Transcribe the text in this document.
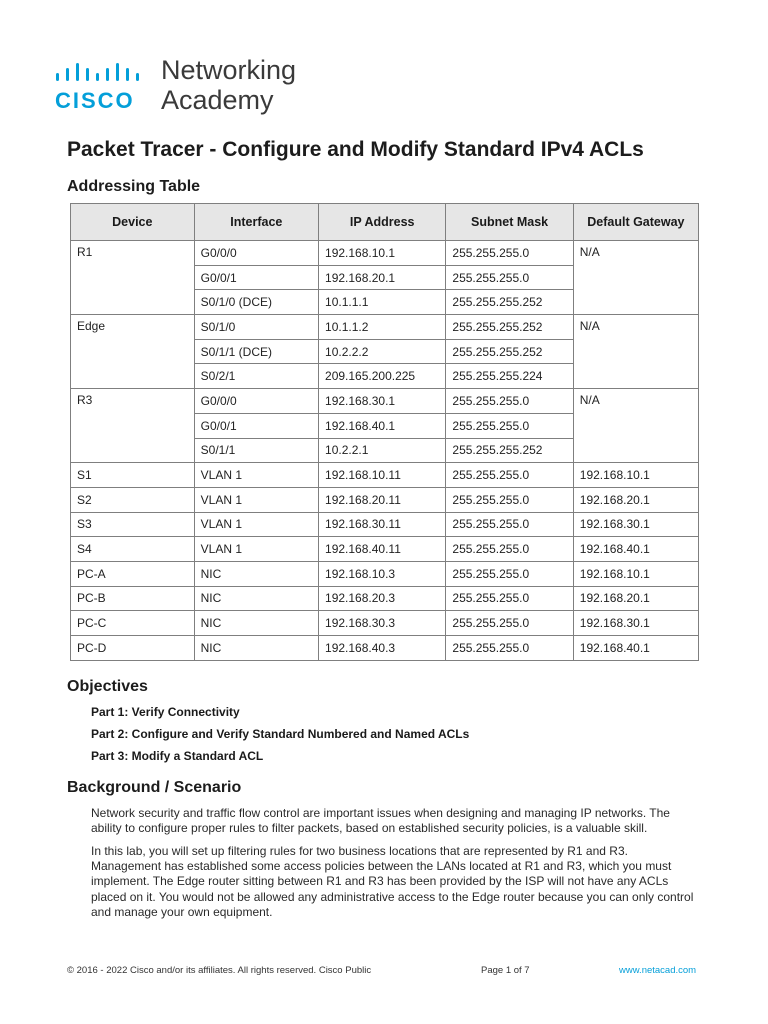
CISCO
Networking
Academy
Packet Tracer - Configure and Modify Standard IPv4 ACLs
Addressing Table
Device	Interface	IP Address	Subnet Mask	Default Gateway
R1	G0/0/0	192.168.10.1	255.255.255.0	N/A
	G0/0/1	192.168.20.1	255.255.255.0	
	S0/1/0 (DCE)	10.1.1.1	255.255.255.252	
Edge	S0/1/0	10.1.1.2	255.255.255.252	N/A
	S0/1/1 (DCE)	10.2.2.2	255.255.255.252	
	S0/2/1	209.165.200.225	255.255.255.224	
R3	G0/0/0	192.168.30.1	255.255.255.0	N/A
	G0/0/1	192.168.40.1	255.255.255.0	
	S0/1/1	10.2.2.1	255.255.255.252	
S1	VLAN 1	192.168.10.11	255.255.255.0	192.168.10.1
S2	VLAN 1	192.168.20.11	255.255.255.0	192.168.20.1
S3	VLAN 1	192.168.30.11	255.255.255.0	192.168.30.1
S4	VLAN 1	192.168.40.11	255.255.255.0	192.168.40.1
PC-A	NIC	192.168.10.3	255.255.255.0	192.168.10.1
PC-B	NIC	192.168.20.3	255.255.255.0	192.168.20.1
PC-C	NIC	192.168.30.3	255.255.255.0	192.168.30.1
PC-D	NIC	192.168.40.3	255.255.255.0	192.168.40.1
Objectives

Part 1: Verify Connectivity

Part 2: Configure and Verify Standard Numbered and Named ACLs

Part 3: Modify a Standard ACL

Background / Scenario

Network security and traffic flow control are important issues when designing and managing IP networks. The ability to configure proper rules to filter packets, based on established security policies, is a valuable skill.

In this lab, you will set up filtering rules for two business locations that are represented by R1 and R3. Management has established some access policies between the LANs located at R1 and R3, which you must implement. The Edge router sitting between R1 and R3 has been provided by the ISP will not have any ACLs placed on it. You would not be allowed any administrative access to the Edge router because you can only control and manage your own equipment.

© 2016 - 2022 Cisco and/or its affiliates. All rights reserved. Cisco Public	Page 1 of 7	www.netacad.com
